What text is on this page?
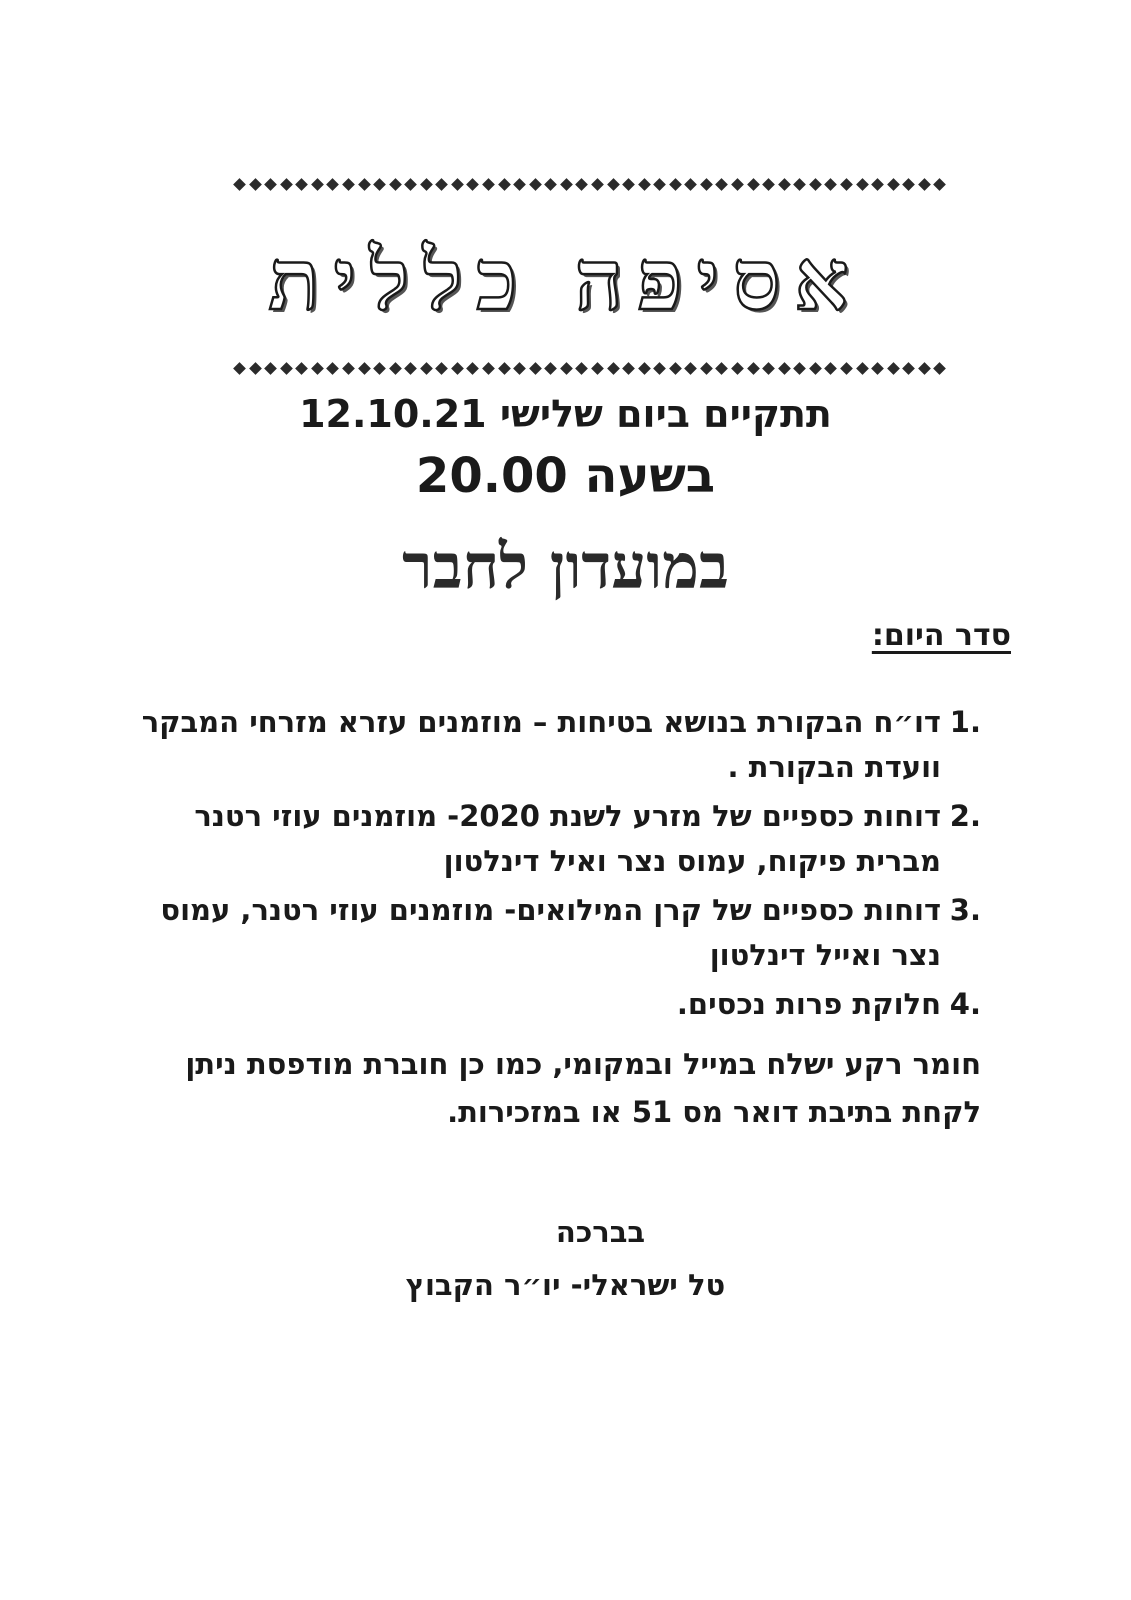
אסיפה כללית
תתקיים ביום שלישי 12.10.21
בשעה 20.00
במועדון לחבר
סדר היום:
1.
דו״ח הבקורת בנושא בטיחות – מוזמנים עזרא מזרחי המבקר וועדת הבקורת .
2.
דוחות כספיים של מזרע לשנת 2020- מוזמנים עוזי רטנר מברית פיקוח, עמוס נצר ואיל דינלטון
3.
דוחות כספיים של קרן המילואים- מוזמנים עוזי רטנר, עמוס נצר ואייל דינלטון
4.
חלוקת פרות נכסים.
חומר רקע ישלח במייל ובמקומי, כמו כן חוברת מודפסת ניתן לקחת בתיבת דואר מס 51 או במזכירות.
בברכה
טל ישראלי- יו״ר הקבוץ
